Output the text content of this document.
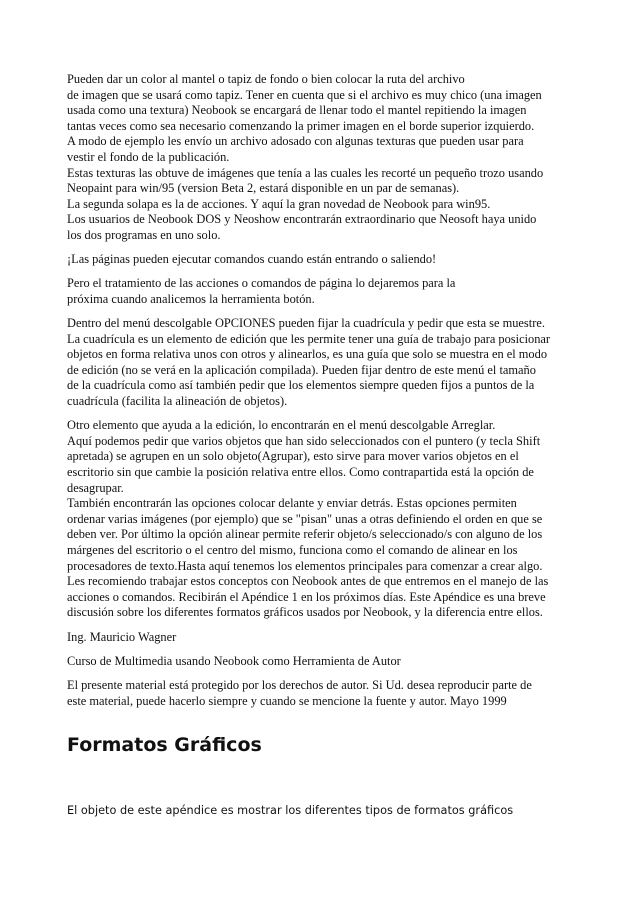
Pueden dar un color al mantel o tapiz de fondo o bien colocar la ruta del archivo
de imagen que se usará como tapiz. Tener en cuenta que si el archivo es muy chico (una imagen
usada como una textura) Neobook se encargará de llenar todo el mantel repitiendo la imagen
tantas veces como sea necesario comenzando la primer imagen en el borde superior izquierdo.
A modo de ejemplo les envío un archivo adosado con algunas texturas que pueden usar para
vestir el fondo de la publicación.
Estas texturas las obtuve de imágenes que tenía a las cuales les recorté un pequeño trozo usando
Neopaint para win/95 (version Beta 2, estará disponible en un par de semanas).
La segunda solapa es la de acciones. Y aquí la gran novedad de Neobook para win95.
Los usuarios de Neobook DOS y Neoshow encontrarán extraordinario que Neosoft haya unido
los dos programas en uno solo.
¡Las páginas pueden ejecutar comandos cuando están entrando o saliendo!
Pero el tratamiento de las acciones o comandos de página lo dejaremos para la
próxima cuando analicemos la herramienta botón.
Dentro del menú descolgable OPCIONES pueden fijar la cuadrícula y pedir que esta se muestre.
La cuadrícula es un elemento de edición que les permite tener una guía de trabajo para posicionar
objetos en forma relativa unos con otros y alinearlos, es una guía que solo se muestra en el modo
de edición (no se verá en la aplicación compilada). Pueden fijar dentro de este menú el tamaño
de la cuadrícula como así también pedir que los elementos siempre queden fijos a puntos de la
cuadrícula (facilita la alineación de objetos).
Otro elemento que ayuda a la edición, lo encontrarán en el menú descolgable Arreglar.
Aquí podemos pedir que varios objetos que han sido seleccionados con el puntero (y tecla Shift
apretada) se agrupen en un solo objeto(Agrupar), esto sirve para mover varios objetos en el
escritorio sin que cambie la posición relativa entre ellos. Como contrapartida está la opción de
desagrupar.
También encontrarán las opciones colocar delante y enviar detrás. Estas opciones permiten
ordenar varias imágenes (por ejemplo) que se "pisan" unas a otras definiendo el orden en que se
deben ver. Por último la opción alinear permite referir objeto/s seleccionado/s con alguno de los
márgenes del escritorio o el centro del mismo, funciona como el comando de alinear en los
procesadores de texto.Hasta aquí tenemos los elementos principales para comenzar a crear algo.
Les recomiendo trabajar estos conceptos con Neobook antes de que entremos en el manejo de las
acciones o comandos. Recibirán el Apéndice 1 en los próximos días. Este Apéndice es una breve
discusión sobre los diferentes formatos gráficos usados por Neobook, y la diferencia entre ellos.
Ing. Mauricio Wagner
Curso de Multimedia usando Neobook como Herramienta de Autor
El presente material está protegido por los derechos de autor. Si Ud. desea reproducir parte de
este material, puede hacerlo siempre y cuando se mencione la fuente y autor. Mayo 1999
Formatos Gráficos
El objeto de este apéndice es mostrar los diferentes tipos de formatos gráficos
